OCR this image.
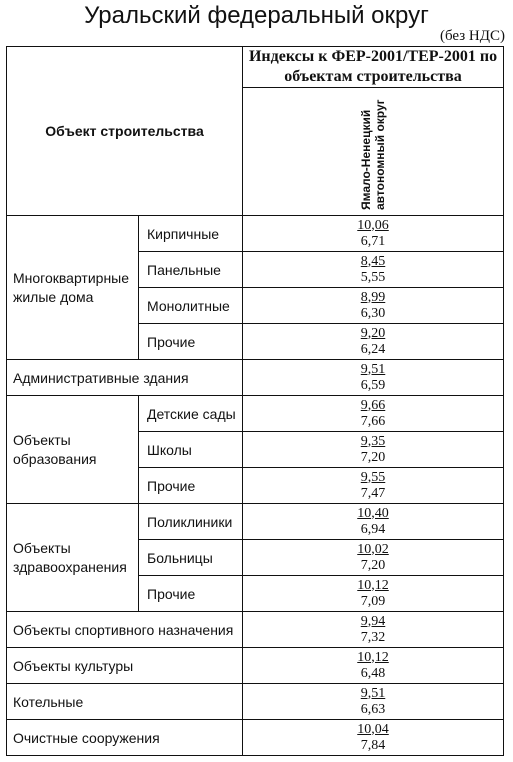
Уральский федеральный округ
(без НДС)
Объект строительства		Индексы к ФЕР-2001/ТЕР-2001 по объектам строительства
		Ямало-Ненецкий автономный округ
Многоквартирные жилые дома	Кирпичные	10,06
6,71

	Панельные	8,45
5,55

	Монолитные	8,99
6,30

	Прочие	9,20
6,24

Административные здания		9,51
6,59

Объекты образования	Детские сады	9,66
7,66

	Школы	9,35
7,20

	Прочие	9,55
7,47

Объекты здравоохранения	Поликлиники	10,40
6,94

	Больницы	10,02
7,20

	Прочие	10,12
7,09

Объекты спортивного назначения		9,94
7,32

Объекты культуры		10,12
6,48

Котельные		9,51
6,63

Очистные сооружения		10,04
7,84
